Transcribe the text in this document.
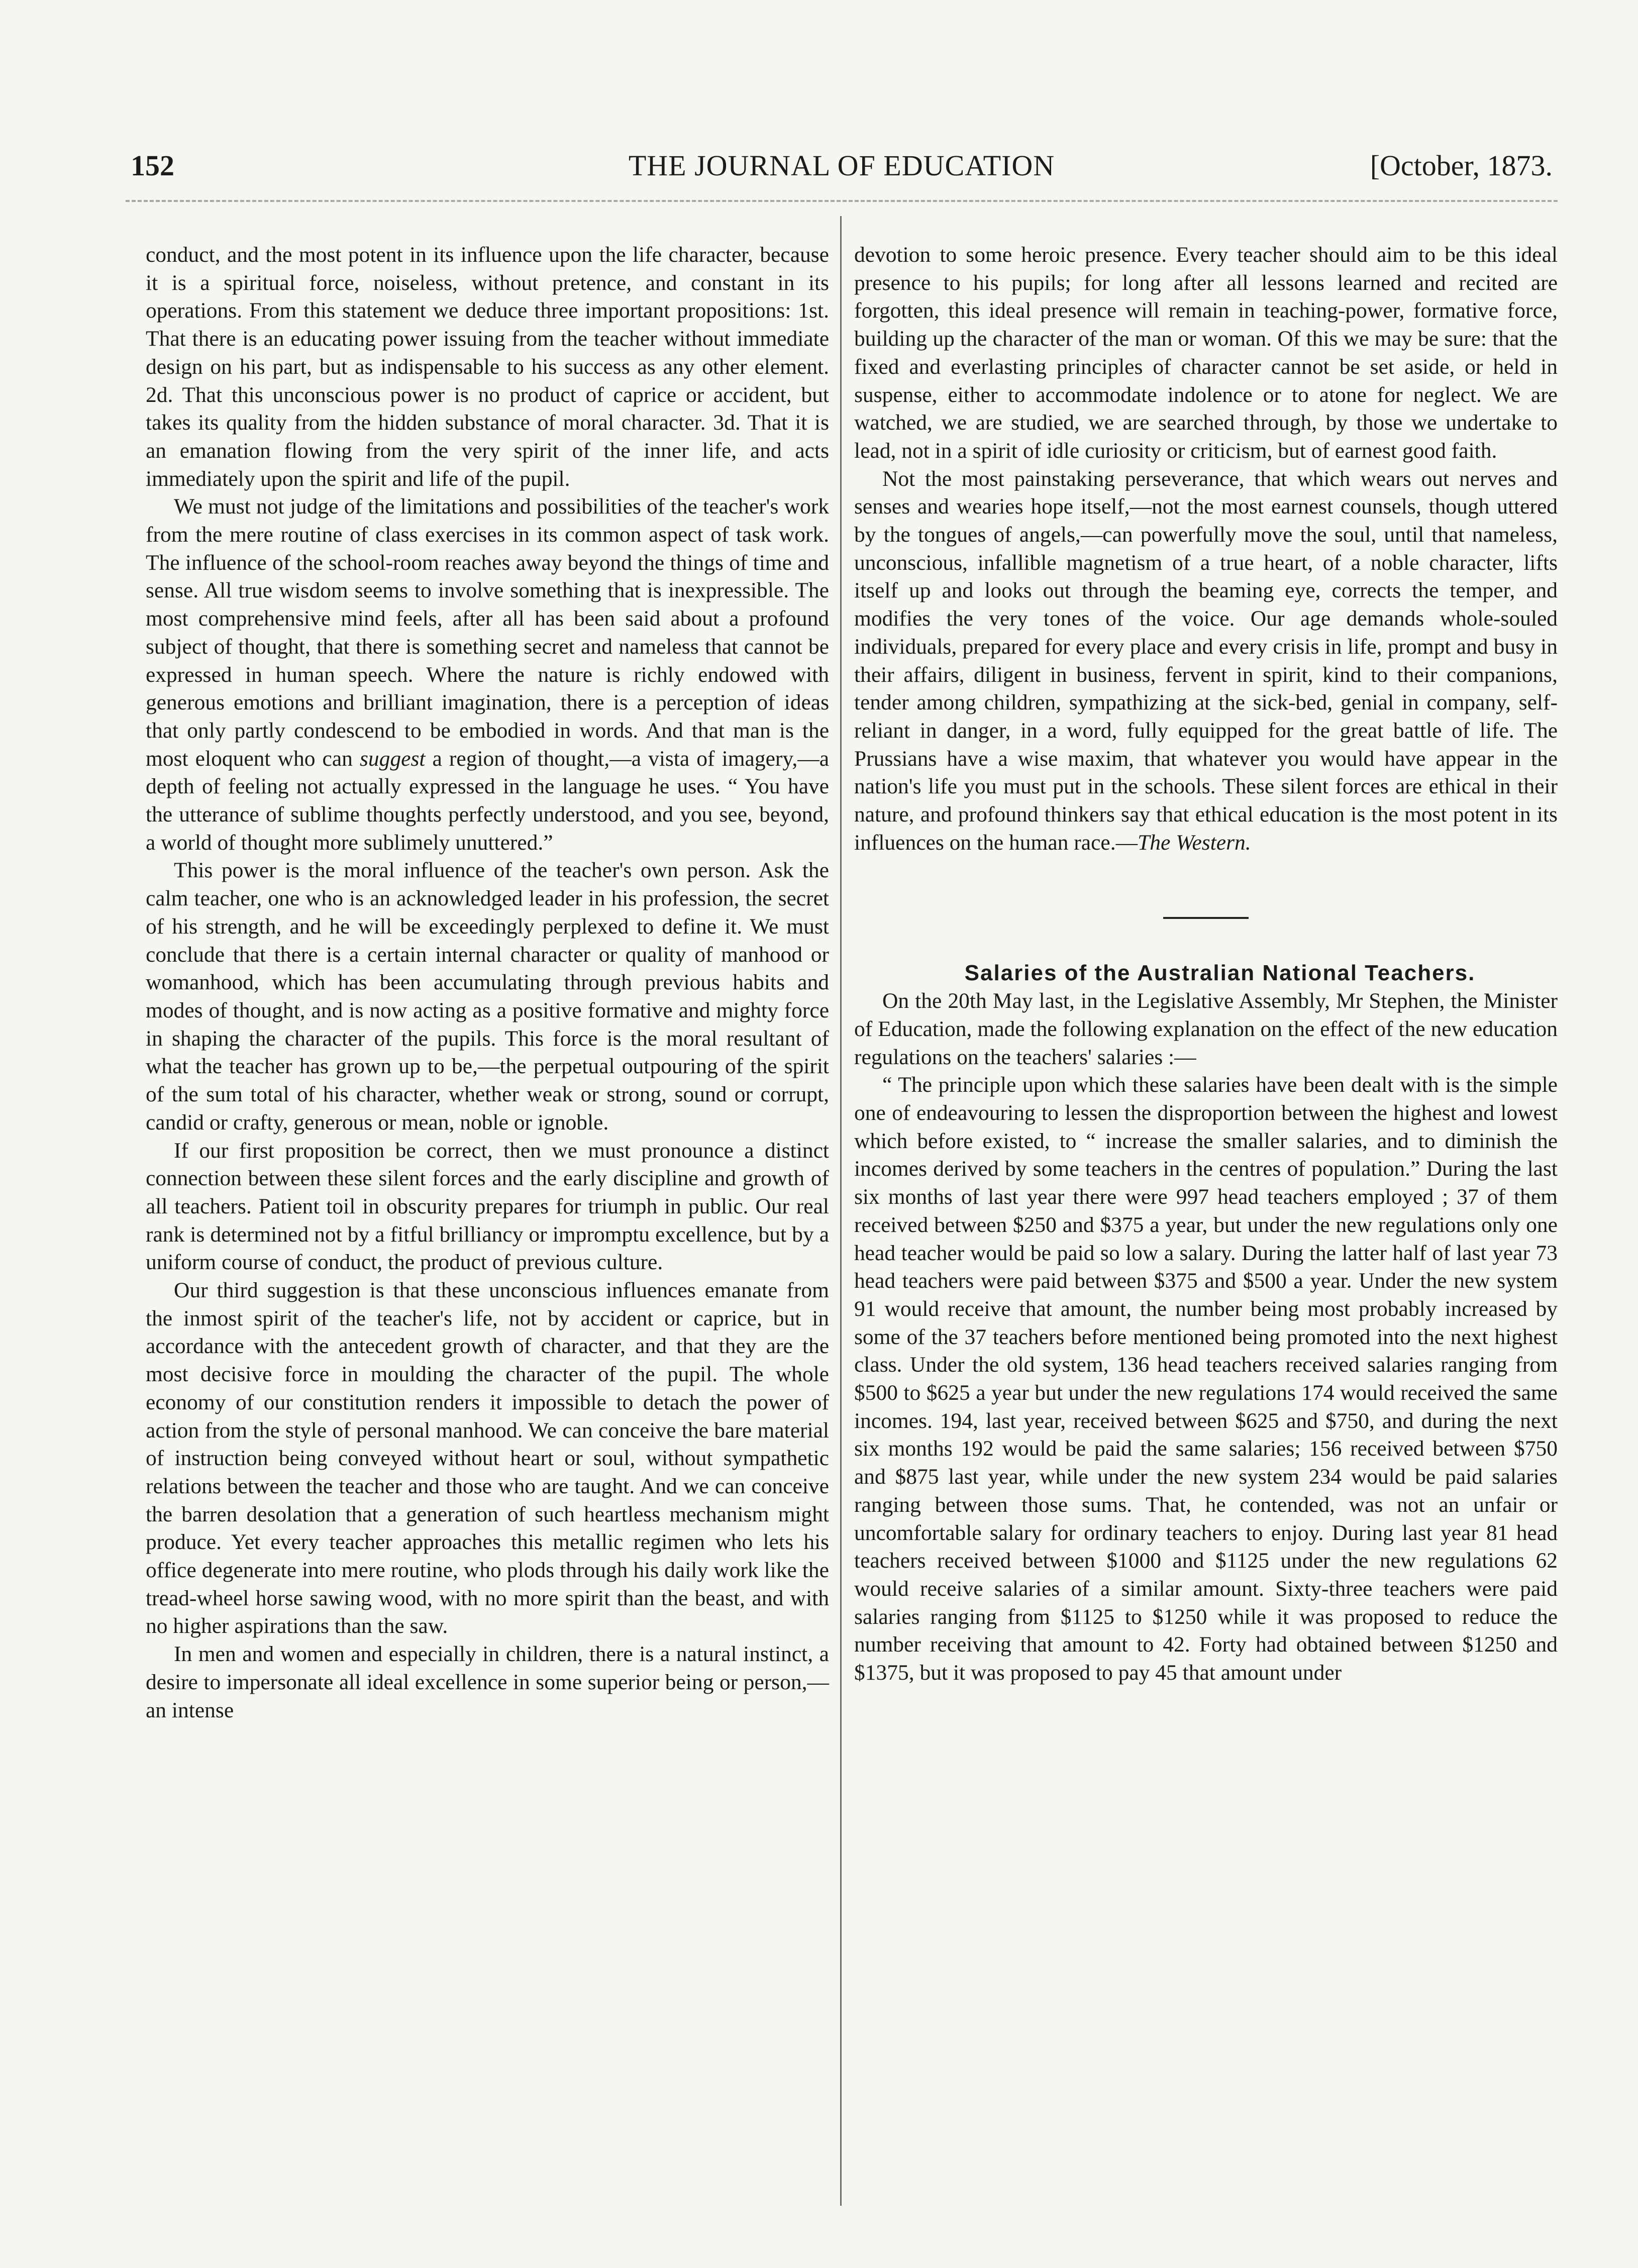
152	THE JOURNAL OF EDUCATION	[October, 1873.

conduct, and the most potent in its influence upon the life character, because it is a spiritual force, noiseless, without pretence, and constant in its operations. From this statement we deduce three important propositions: 1st. That there is an educating power issuing from the teacher without immediate design on his part, but as indispensable to his success as any other element. 2d. That this unconscious power is no product of caprice or accident, but takes its quality from the hidden substance of moral character. 3d. That it is an emanation flowing from the very spirit of the inner life, and acts immediately upon the spirit and life of the pupil.

We must not judge of the limitations and possibilities of the teacher's work from the mere routine of class exercises in its common aspect of task work. The influence of the school-room reaches away beyond the things of time and sense. All true wisdom seems to involve something that is inexpressible. The most comprehensive mind feels, after all has been said about a profound subject of thought, that there is something secret and nameless that cannot be expressed in human speech. Where the nature is richly endowed with generous emotions and brilliant imagination, there is a perception of ideas that only partly condescend to be embodied in words. And that man is the most eloquent who can suggest a region of thought,—a vista of imagery,—a depth of feeling not actually expressed in the language he uses. “ You have the utterance of sublime thoughts perfectly understood, and you see, beyond, a world of thought more sublimely unuttered.”

This power is the moral influence of the teacher's own person. Ask the calm teacher, one who is an acknowledged leader in his profession, the secret of his strength, and he will be exceedingly perplexed to define it. We must conclude that there is a certain internal character or quality of manhood or womanhood, which has been accumulating through previous habits and modes of thought, and is now acting as a positive formative and mighty force in shaping the character of the pupils. This force is the moral resultant of what the teacher has grown up to be,—the perpetual outpouring of the spirit of the sum total of his character, whether weak or strong, sound or corrupt, candid or crafty, generous or mean, noble or ignoble.

If our first proposition be correct, then we must pronounce a distinct connection between these silent forces and the early discipline and growth of all teachers. Patient toil in obscurity prepares for triumph in public. Our real rank is determined not by a fitful brilliancy or impromptu excellence, but by a uniform course of conduct, the product of previous culture.

Our third suggestion is that these unconscious influences emanate from the inmost spirit of the teacher's life, not by accident or caprice, but in accordance with the antecedent growth of character, and that they are the most decisive force in moulding the character of the pupil. The whole economy of our constitution renders it impossible to detach the power of action from the style of personal manhood. We can conceive the bare material of instruction being conveyed without heart or soul, without sympathetic relations between the teacher and those who are taught. And we can conceive the barren desolation that a generation of such heartless mechanism might produce. Yet every teacher approaches this metallic regimen who lets his office degenerate into mere routine, who plods through his daily work like the tread-wheel horse sawing wood, with no more spirit than the beast, and with no higher aspirations than the saw.

In men and women and especially in children, there is a natural instinct, a desire to impersonate all ideal excellence in some superior being or person,—an intense

devotion to some heroic presence. Every teacher should aim to be this ideal presence to his pupils; for long after all lessons learned and recited are forgotten, this ideal presence will remain in teaching-power, formative force, building up the character of the man or woman. Of this we may be sure: that the fixed and everlasting principles of character cannot be set aside, or held in suspense, either to accommodate indolence or to atone for neglect. We are watched, we are studied, we are searched through, by those we undertake to lead, not in a spirit of idle curiosity or criticism, but of earnest good faith.

Not the most painstaking perseverance, that which wears out nerves and senses and wearies hope itself,—not the most earnest counsels, though uttered by the tongues of angels,—can powerfully move the soul, until that nameless, unconscious, infallible magnetism of a true heart, of a noble character, lifts itself up and looks out through the beaming eye, corrects the temper, and modifies the very tones of the voice. Our age demands whole-souled individuals, prepared for every place and every crisis in life, prompt and busy in their affairs, diligent in business, fervent in spirit, kind to their companions, tender among children, sympathizing at the sick-bed, genial in company, self-reliant in danger, in a word, fully equipped for the great battle of life. The Prussians have a wise maxim, that whatever you would have appear in the nation's life you must put in the schools. These silent forces are ethical in their nature, and profound thinkers say that ethical education is the most potent in its influences on the human race.—The Western.

Salaries of the Australian National Teachers.

On the 20th May last, in the Legislative Assembly, Mr Stephen, the Minister of Education, made the following explanation on the effect of the new education regulations on the teachers' salaries :—

“ The principle upon which these salaries have been dealt with is the simple one of endeavouring to lessen the disproportion between the highest and lowest which before existed, to “ increase the smaller salaries, and to diminish the incomes derived by some teachers in the centres of population.” During the last six months of last year there were 997 head teachers employed ; 37 of them received between $250 and $375 a year, but under the new regulations only one head teacher would be paid so low a salary. During the latter half of last year 73 head teachers were paid between $375 and $500 a year. Under the new system 91 would receive that amount, the number being most probably increased by some of the 37 teachers before mentioned being promoted into the next highest class. Under the old system, 136 head teachers received salaries ranging from $500 to $625 a year but under the new regulations 174 would received the same incomes. 194, last year, received between $625 and $750, and during the next six months 192 would be paid the same salaries; 156 received between $750 and $875 last year, while under the new system 234 would be paid salaries ranging between those sums. That, he contended, was not an unfair or uncomfortable salary for ordinary teachers to enjoy. During last year 81 head teachers received between $1000 and $1125 under the new regulations 62 would receive salaries of a similar amount. Sixty-three teachers were paid salaries ranging from $1125 to $1250 while it was proposed to reduce the number receiving that amount to 42. Forty had obtained between $1250 and $1375, but it was proposed to pay 45 that amount under
